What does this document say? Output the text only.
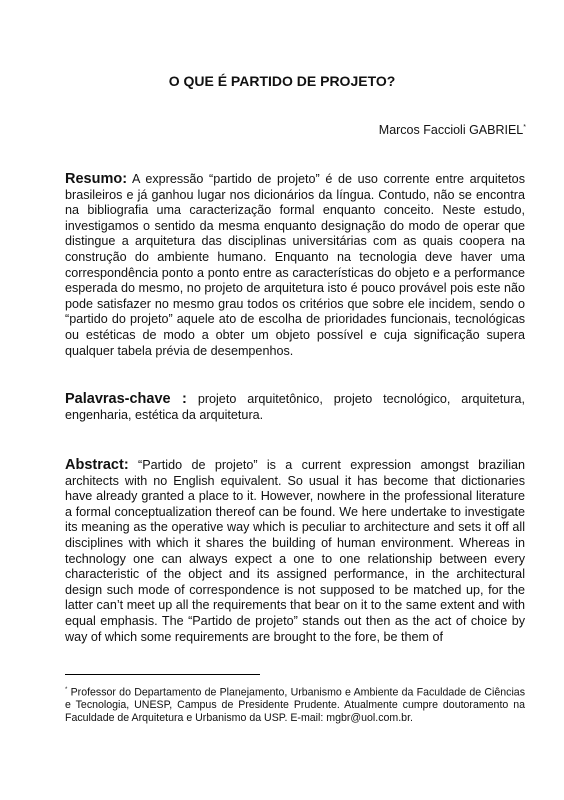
O QUE É PARTIDO DE PROJETO?
Marcos Faccioli GABRIEL*
Resumo: A expressão “partido de projeto” é de uso corrente entre arquitetos brasileiros e já ganhou lugar nos dicionários da língua. Contudo, não se encontra na bibliografia uma caracterização formal enquanto conceito. Neste estudo, investigamos o sentido da mesma enquanto designação do modo de operar que distingue a arquitetura das disciplinas universitárias com as quais coopera na construção do ambiente humano. Enquanto na tecnologia deve haver uma correspondência ponto a ponto entre as características do objeto e a performance esperada do mesmo, no projeto de arquitetura isto é pouco provável pois este não pode satisfazer no mesmo grau todos os critérios que sobre ele incidem, sendo o “partido do projeto” aquele ato de escolha de prioridades funcionais, tecnológicas ou estéticas de modo a obter um objeto possível e cuja significação supera qualquer tabela prévia de desempenhos.
Palavras-chave : projeto arquitetônico, projeto tecnológico, arquitetura, engenharia, estética da arquitetura.
Abstract: “Partido de projeto” is a current expression amongst brazilian architects with no English equivalent. So usual it has become that dictionaries have already granted a place to it. However, nowhere in the professional literature a formal conceptualization thereof can be found. We here undertake to investigate its meaning as the operative way which is peculiar to architecture and sets it off all disciplines with which it shares the building of human environment. Whereas in technology one can always expect a one to one relationship between every characteristic of the object and its assigned performance, in the architectural design such mode of correspondence is not supposed to be matched up, for the latter can’t meet up all the requirements that bear on it to the same extent and with equal emphasis. The “Partido de projeto” stands out then as the act of choice by way of which some requirements are brought to the fore, be them of
* Professor do Departamento de Planejamento, Urbanismo e Ambiente da Faculdade de Ciências e Tecnologia, UNESP, Campus de Presidente Prudente. Atualmente cumpre doutoramento na Faculdade de Arquitetura e Urbanismo da USP. E-mail: mgbr@uol.com.br.
